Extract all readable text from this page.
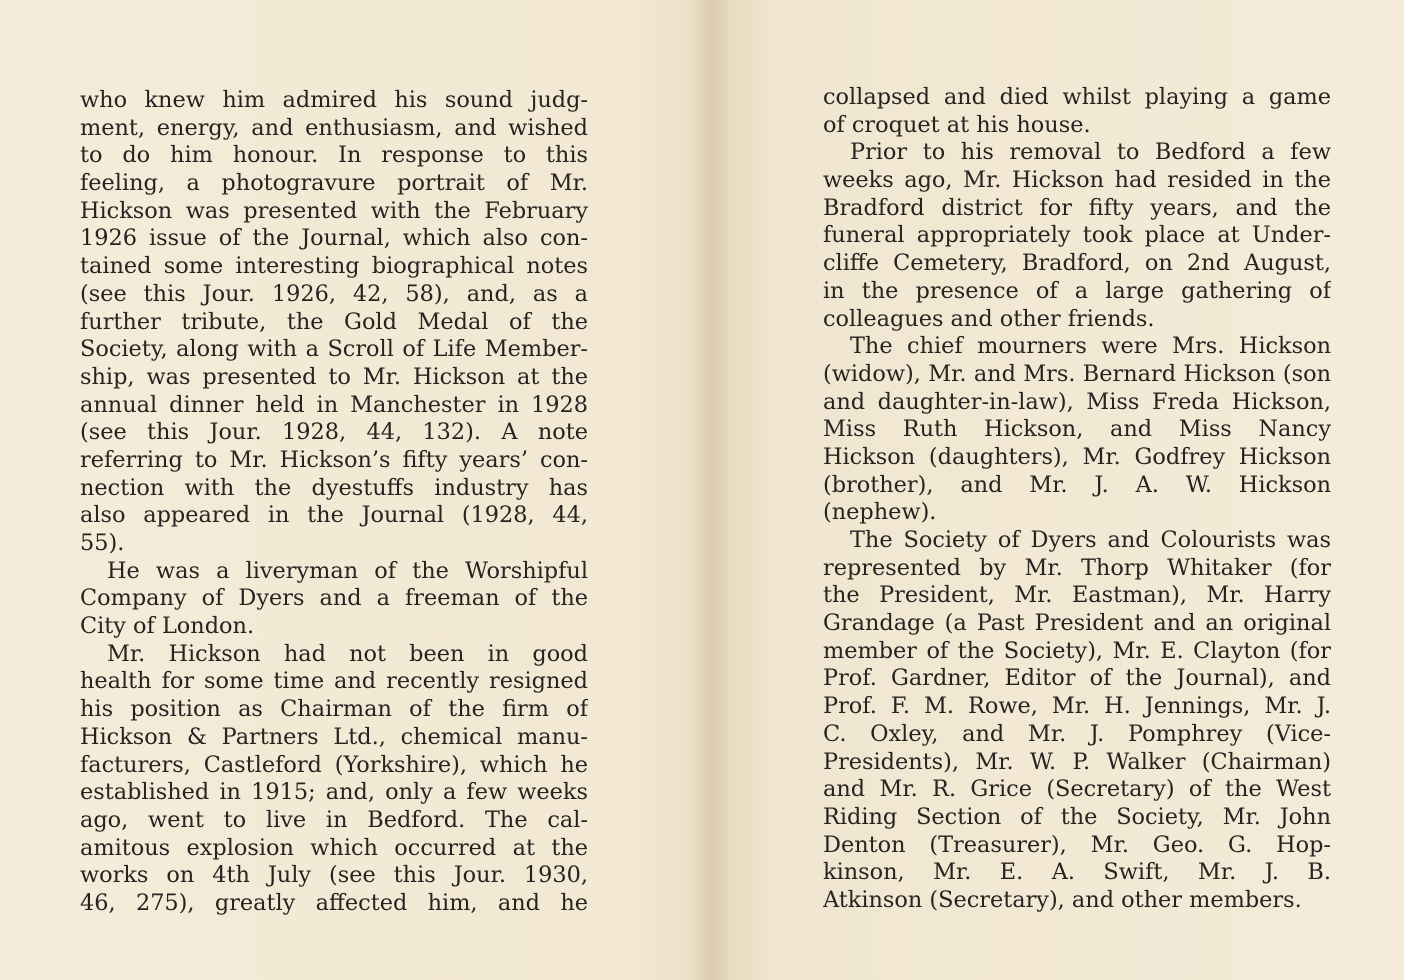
who knew him admired his sound judg-
ment, energy, and enthusiasm, and wished
to do him honour. In response to this
feeling, a photogravure portrait of Mr.
Hickson was presented with the February
1926 issue of the Journal, which also con-
tained some interesting biographical notes
(see this Jour. 1926, 42, 58), and, as a
further tribute, the Gold Medal of the
Society, along with a Scroll of Life Member-
ship, was presented to Mr. Hickson at the
annual dinner held in Manchester in 1928
(see this Jour. 1928, 44, 132). A note
referring to Mr. Hickson’s fifty years’ con-
nection with the dyestuffs industry has
also appeared in the Journal (1928, 44,
55).
He was a liveryman of the Worshipful
Company of Dyers and a freeman of the
City of London.
Mr. Hickson had not been in good
health for some time and recently resigned
his position as Chairman of the firm of
Hickson & Partners Ltd., chemical manu-
facturers, Castleford (Yorkshire), which he
established in 1915; and, only a few weeks
ago, went to live in Bedford. The cal-
amitous explosion which occurred at the
works on 4th July (see this Jour. 1930,
46, 275), greatly affected him, and he
collapsed and died whilst playing a game
of croquet at his house.
Prior to his removal to Bedford a few
weeks ago, Mr. Hickson had resided in the
Bradford district for fifty years, and the
funeral appropriately took place at Under-
cliffe Cemetery, Bradford, on 2nd August,
in the presence of a large gathering of
colleagues and other friends.
The chief mourners were Mrs. Hickson
(widow), Mr. and Mrs. Bernard Hickson (son
and daughter-in-law), Miss Freda Hickson,
Miss Ruth Hickson, and Miss Nancy
Hickson (daughters), Mr. Godfrey Hickson
(brother), and Mr. J. A. W. Hickson
(nephew).
The Society of Dyers and Colourists was
represented by Mr. Thorp Whitaker (for
the President, Mr. Eastman), Mr. Harry
Grandage (a Past President and an original
member of the Society), Mr. E. Clayton (for
Prof. Gardner, Editor of the Journal), and
Prof. F. M. Rowe, Mr. H. Jennings, Mr. J.
C. Oxley, and Mr. J. Pomphrey (Vice-
Presidents), Mr. W. P. Walker (Chairman)
and Mr. R. Grice (Secretary) of the West
Riding Section of the Society, Mr. John
Denton (Treasurer), Mr. Geo. G. Hop-
kinson, Mr. E. A. Swift, Mr. J. B.
Atkinson (Secretary), and other members.
